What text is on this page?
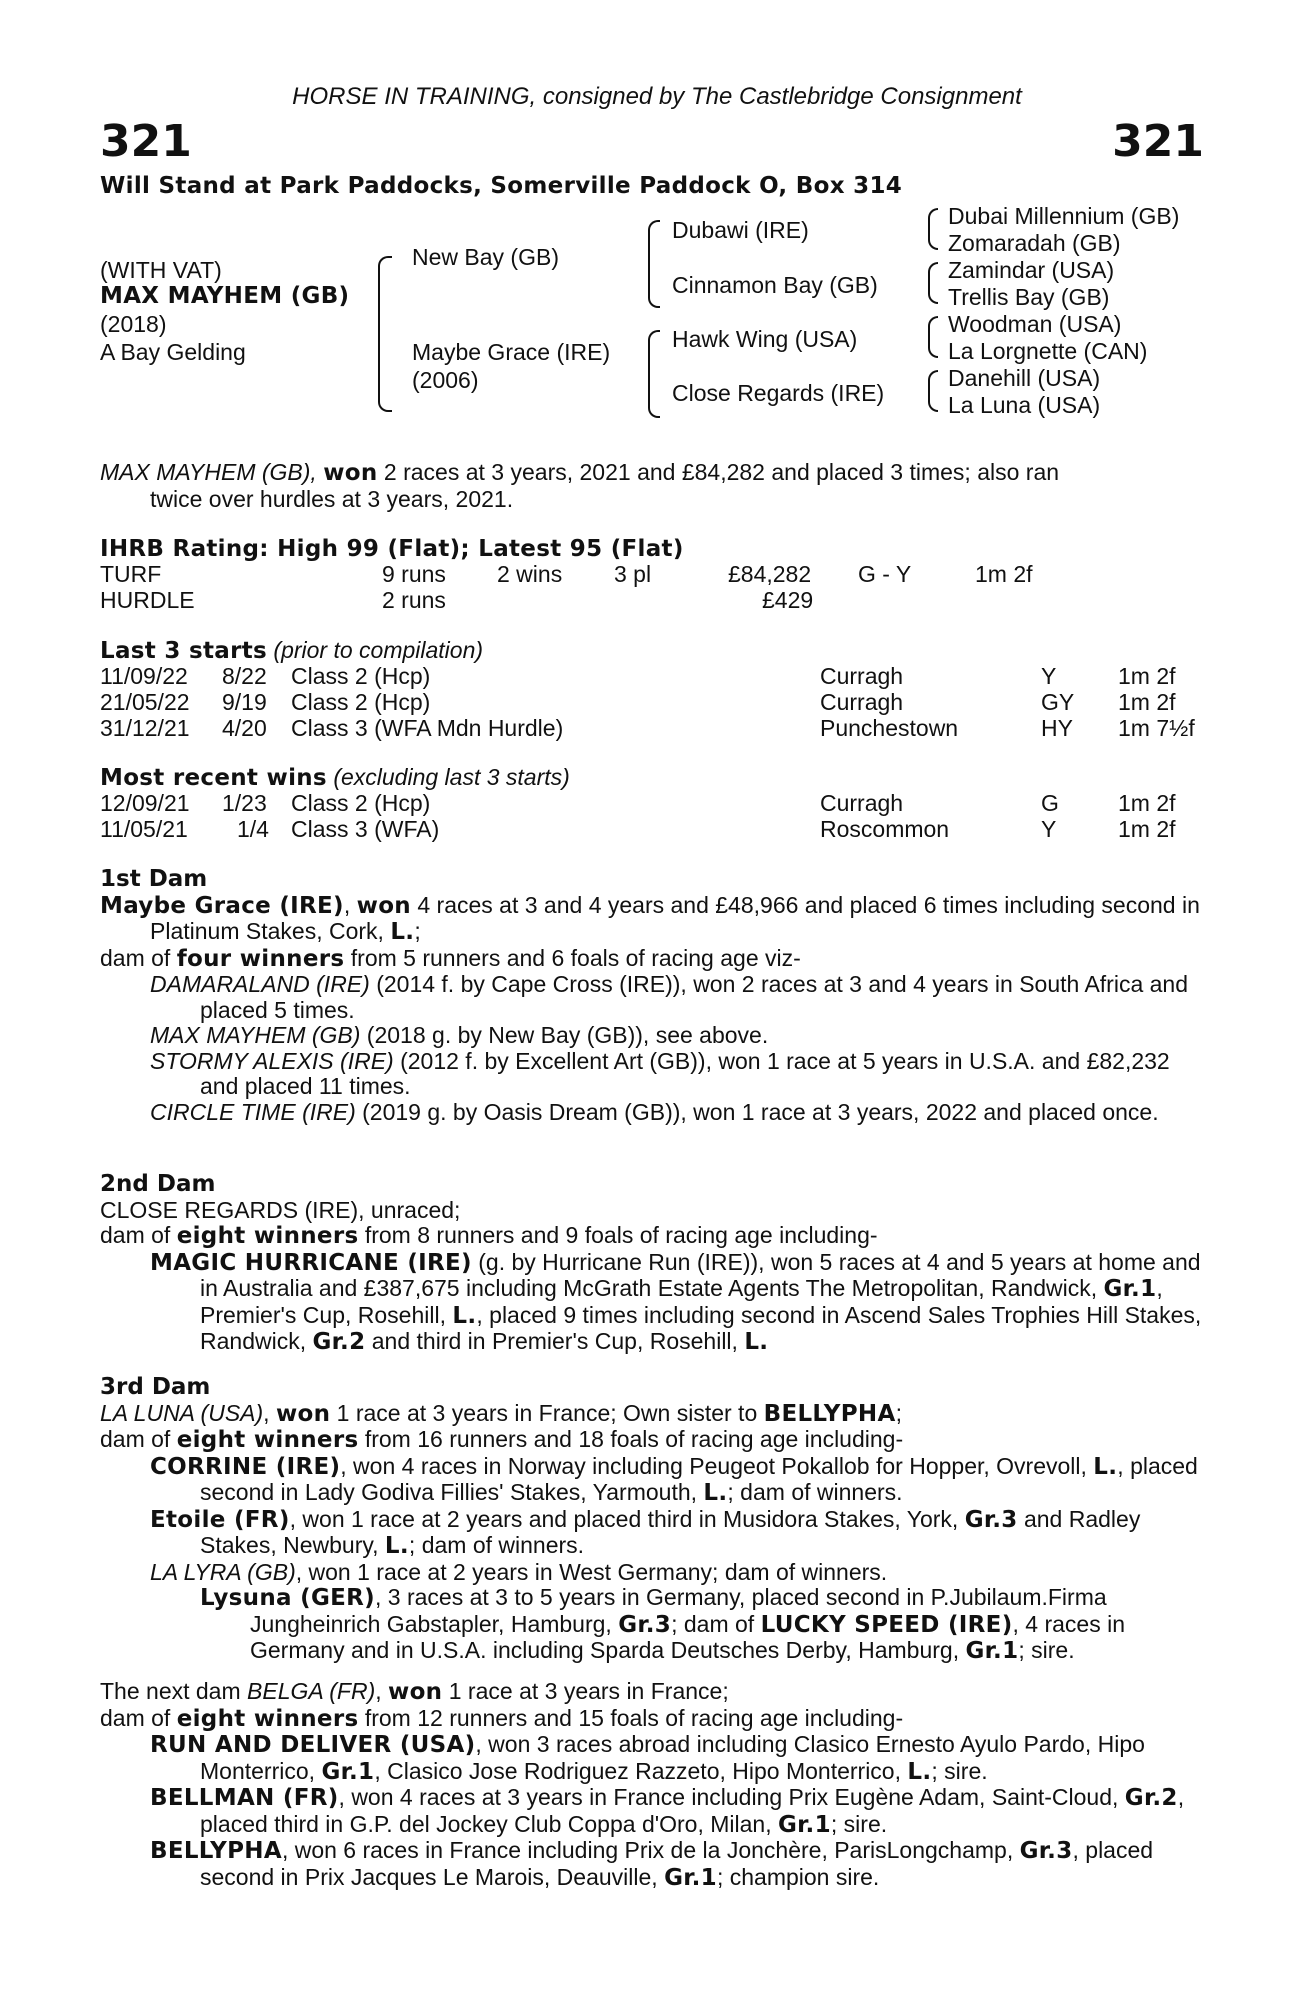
HORSE IN TRAINING, consigned by The Castlebridge Consignment
321	321
Will Stand at Park Paddocks, Somerville Paddock O, Box 314
(WITH VAT)
MAX MAYHEM (GB)
(2018)
A Bay Gelding
New Bay (GB)
Maybe Grace (IRE)
(2006)
Dubawi (IRE)
Cinnamon Bay (GB)
Hawk Wing (USA)
Close Regards (IRE)
Dubai Millennium (GB)
Zomaradah (GB)
Zamindar (USA)
Trellis Bay (GB)
Woodman (USA)
La Lorgnette (CAN)
Danehill (USA)
La Luna (USA)
MAX MAYHEM (GB), won 2 races at 3 years, 2021 and £84,282 and placed 3 times; also ran
twice over hurdles at 3 years, 2021.
IHRB Rating: High 99 (Flat); Latest 95 (Flat)
TURF	9 runs 2 wins 3 pl	£84,282 G - Y	1m 2f
HURDLE	2 runs	£429
Last 3 starts (prior to compilation)
11/09/22 8/22 Class 2 (Hcp)	Curragh	Y	1m 2f
21/05/22 9/19 Class 2 (Hcp)	Curragh	GY 1m 2f
31/12/21 4/20 Class 3 (WFA Mdn Hurdle)	Punchestown	HY 1m 7½f
Most recent wins (excluding last 3 starts)
12/09/21 1/23 Class 2 (Hcp)	Curragh	G	1m 2f
11/05/21 1/4 Class 3 (WFA)	Roscommon	Y	1m 2f
1st Dam
Maybe Grace (IRE), won 4 races at 3 and 4 years and £48,966 and placed 6 times including second in Platinum Stakes, Cork, L.;
dam of four winners from 5 runners and 6 foals of racing age viz-
DAMARALAND (IRE) (2014 f. by Cape Cross (IRE)), won 2 races at 3 and 4 years in South Africa and placed 5 times.
MAX MAYHEM (GB) (2018 g. by New Bay (GB)), see above.
STORMY ALEXIS (IRE) (2012 f. by Excellent Art (GB)), won 1 race at 5 years in U.S.A. and £82,232 and placed 11 times.
CIRCLE TIME (IRE) (2019 g. by Oasis Dream (GB)), won 1 race at 3 years, 2022 and placed once.
2nd Dam
CLOSE REGARDS (IRE), unraced;
dam of eight winners from 8 runners and 9 foals of racing age including-
MAGIC HURRICANE (IRE) (g. by Hurricane Run (IRE)), won 5 races at 4 and 5 years at home and in Australia and £387,675 including McGrath Estate Agents The Metropolitan, Randwick, Gr.1, Premier's Cup, Rosehill, L., placed 9 times including second in Ascend Sales Trophies Hill Stakes, Randwick, Gr.2 and third in Premier's Cup, Rosehill, L.
3rd Dam
LA LUNA (USA), won 1 race at 3 years in France; Own sister to BELLYPHA;
dam of eight winners from 16 runners and 18 foals of racing age including-
CORRINE (IRE), won 4 races in Norway including Peugeot Pokallob for Hopper, Ovrevoll, L., placed second in Lady Godiva Fillies' Stakes, Yarmouth, L.; dam of winners.
Etoile (FR), won 1 race at 2 years and placed third in Musidora Stakes, York, Gr.3 and Radley Stakes, Newbury, L.; dam of winners.
LA LYRA (GB), won 1 race at 2 years in West Germany; dam of winners.
Lysuna (GER), 3 races at 3 to 5 years in Germany, placed second in P.Jubilaum.Firma Jungheinrich Gabstapler, Hamburg, Gr.3; dam of LUCKY SPEED (IRE), 4 races in Germany and in U.S.A. including Sparda Deutsches Derby, Hamburg, Gr.1; sire.
The next dam BELGA (FR), won 1 race at 3 years in France;
dam of eight winners from 12 runners and 15 foals of racing age including-
RUN AND DELIVER (USA), won 3 races abroad including Clasico Ernesto Ayulo Pardo, Hipo Monterrico, Gr.1, Clasico Jose Rodriguez Razzeto, Hipo Monterrico, L.; sire.
BELLMAN (FR), won 4 races at 3 years in France including Prix Eugène Adam, Saint-Cloud, Gr.2, placed third in G.P. del Jockey Club Coppa d'Oro, Milan, Gr.1; sire.
BELLYPHA, won 6 races in France including Prix de la Jonchère, ParisLongchamp, Gr.3, placed second in Prix Jacques Le Marois, Deauville, Gr.1; champion sire.
